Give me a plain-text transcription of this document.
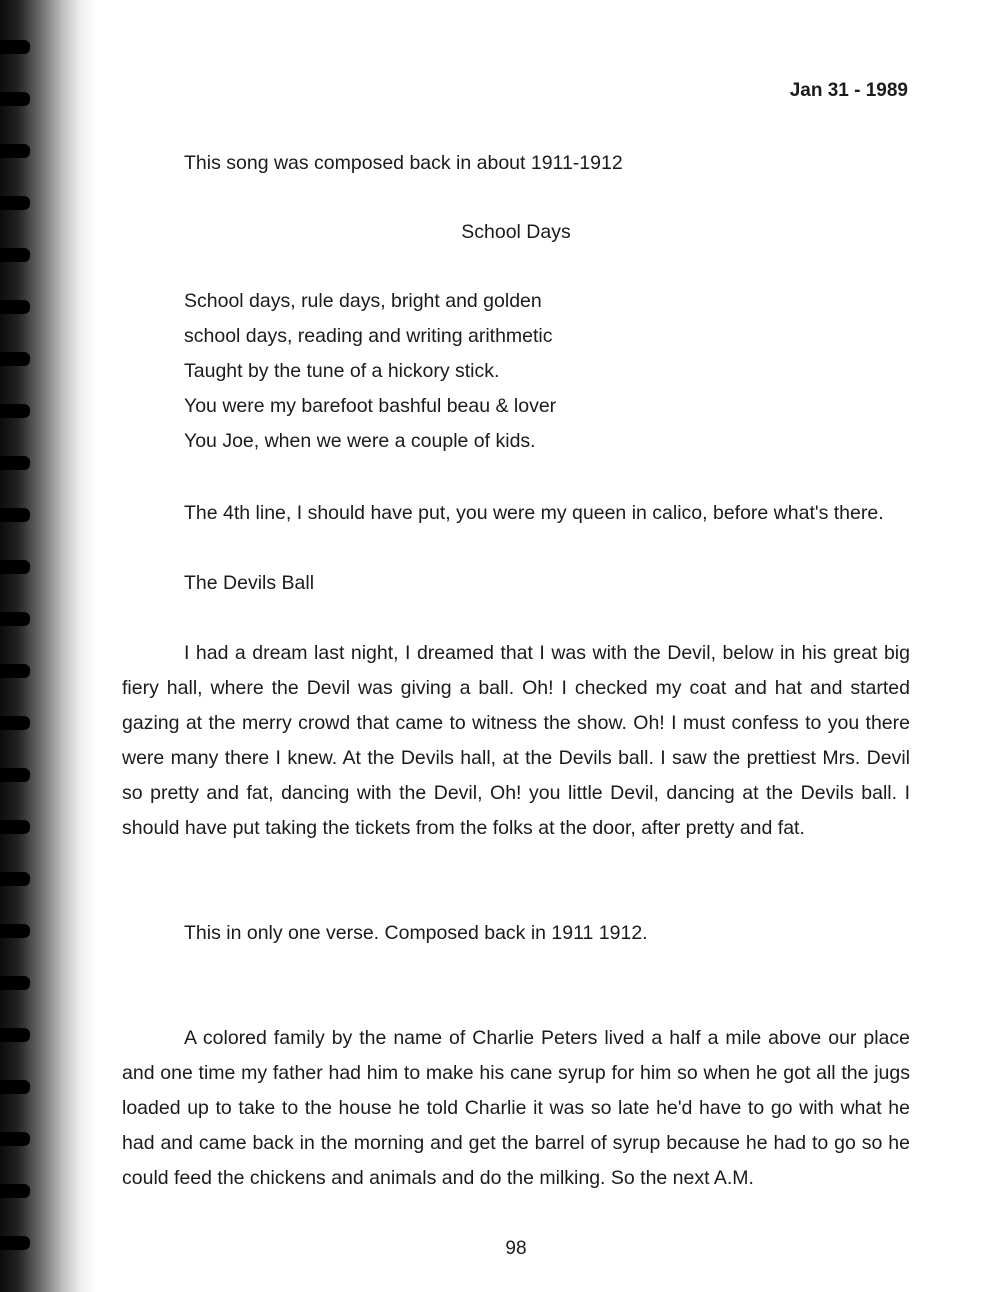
Jan 31 - 1989
This song was composed back in about 1911-1912
School Days
School days, rule days, bright and golden
school days, reading and writing arithmetic
Taught by the tune of a hickory stick.
You were my barefoot bashful beau & lover
You Joe, when we were a couple of kids.
The 4th line, I should have put, you were my queen in calico, before what's there.
The Devils Ball
I had a dream last night, I dreamed that I was with the Devil, below in his great big fiery hall, where the Devil was giving a ball. Oh! I checked my coat and hat and started gazing at the merry crowd that came to witness the show. Oh! I must confess to you there were many there I knew. At the Devils hall, at the Devils ball. I saw the prettiest Mrs. Devil so pretty and fat, dancing with the Devil, Oh! you little Devil, dancing at the Devils ball. I should have put taking the tickets from the folks at the door, after pretty and fat.
This in only one verse. Composed back in 1911 1912.
A colored family by the name of Charlie Peters lived a half a mile above our place and one time my father had him to make his cane syrup for him so when he got all the jugs loaded up to take to the house he told Charlie it was so late he'd have to go with what he had and came back in the morning and get the barrel of syrup because he had to go so he could feed the chickens and animals and do the milking. So the next A.M.
98
